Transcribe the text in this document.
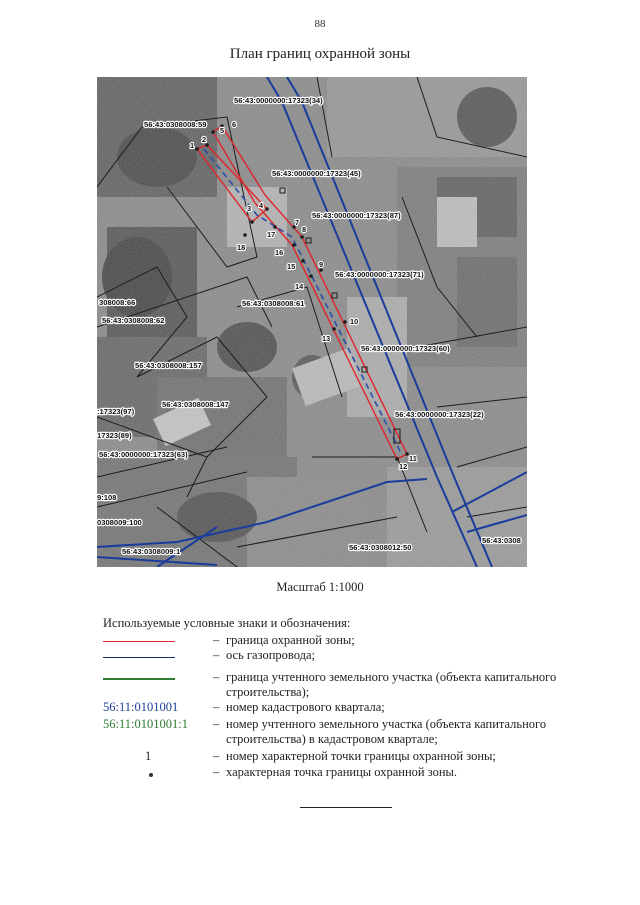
88
План границ охранной зоны
1
2
3 4
5
6
7
8
9
10
11
12
13
14
15
16
17
18
56:43:0000000:17323(34)
56:43:0308008:59
56:43:0000000:17323(45)
56:43:0000000:17323(87)
56:43:0000000:17323(71)
308008:66
56:43:0308008:62
56:43:0308008:61
56:43:0000000:17323(60)
56:43:0308008:157
56:43:0308008:147
:17323(97)
17323(89)
56:43:0000000:17323(63)
56:43:0000000:17323(22)
9:108
0308009:100
56:43:0308009:1	56:43:0308012:50
56:43:0308
Масштаб 1:1000
Используемые условные знаки и обозначения:
– граница охранной зоны;
– ось газопровода;
– граница учтенного земельного участка (объекта капитального строительства);
56:11:0101001	– номер кадастрового квартала;
56:11:0101001:1	– номер учтенного земельного участка (объекта капитального строительства) в кадастровом квартале;
1	– номер характерной точки границы охранной зоны;
– характерная точка границы охранной зоны.
